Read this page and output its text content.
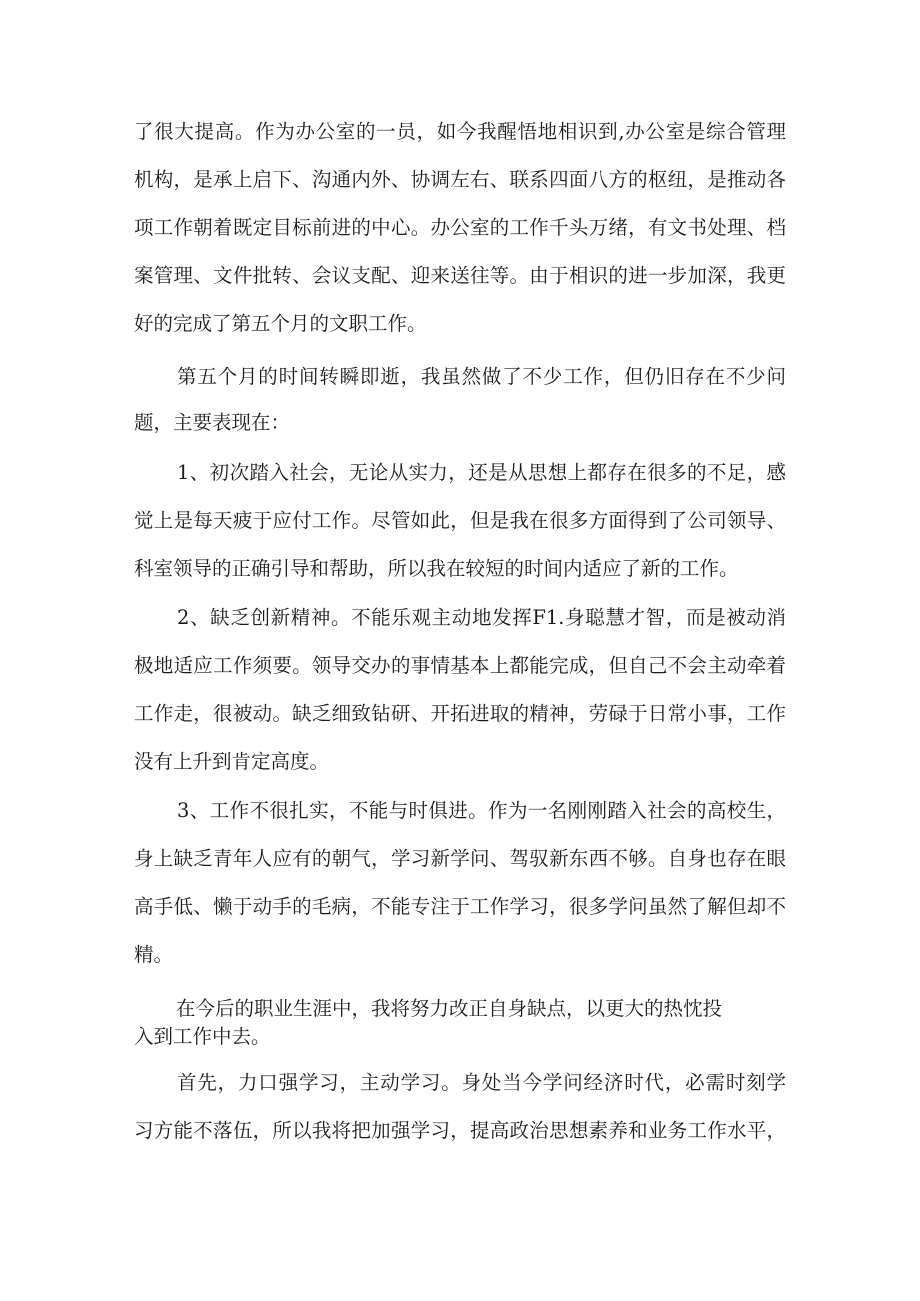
了很大提高。作为办公室的一员，如今我醒悟地相识到,办公室是综合管理

机构，是承上启下、沟通内外、协调左右、联系四面八方的枢纽，是推动各

项工作朝着既定目标前进的中心。办公室的工作千头万绪，有文书处理、档

案管理、文件批转、会议支配、迎来送往等。由于相识的进一步加深，我更

好的完成了第五个月的文职工作。

第五个月的时间转瞬即逝，我虽然做了不少工作，但仍旧存在不少问

题，主要表现在：

1、初次踏入社会，无论从实力，还是从思想上都存在很多的不足，感

觉上是每天疲于应付工作。尽管如此，但是我在很多方面得到了公司领导、

科室领导的正确引导和帮助，所以我在较短的时间内适应了新的工作。

2、缺乏创新精神。不能乐观主动地发挥F1.身聪慧才智，而是被动消

极地适应工作须要。领导交办的事情基本上都能完成，但自己不会主动牵着

工作走，很被动。缺乏细致钻研、开拓进取的精神，劳碌于日常小事，工作

没有上升到肯定高度。

3、工作不很扎实，不能与时俱进。作为一名刚刚踏入社会的高校生，

身上缺乏青年人应有的朝气，学习新学问、驾驭新东西不够。自身也存在眼

高手低、懒于动手的毛病，不能专注于工作学习，很多学问虽然了解但却不

精。

在今后的职业生涯中，我将努力改正自身缺点，以更大的热忱投

入到工作中去。

首先，力口强学习，主动学习。身处当今学问经济时代，必需时刻学

习方能不落伍，所以我将把加强学习，提高政治思想素养和业务工作水平，
